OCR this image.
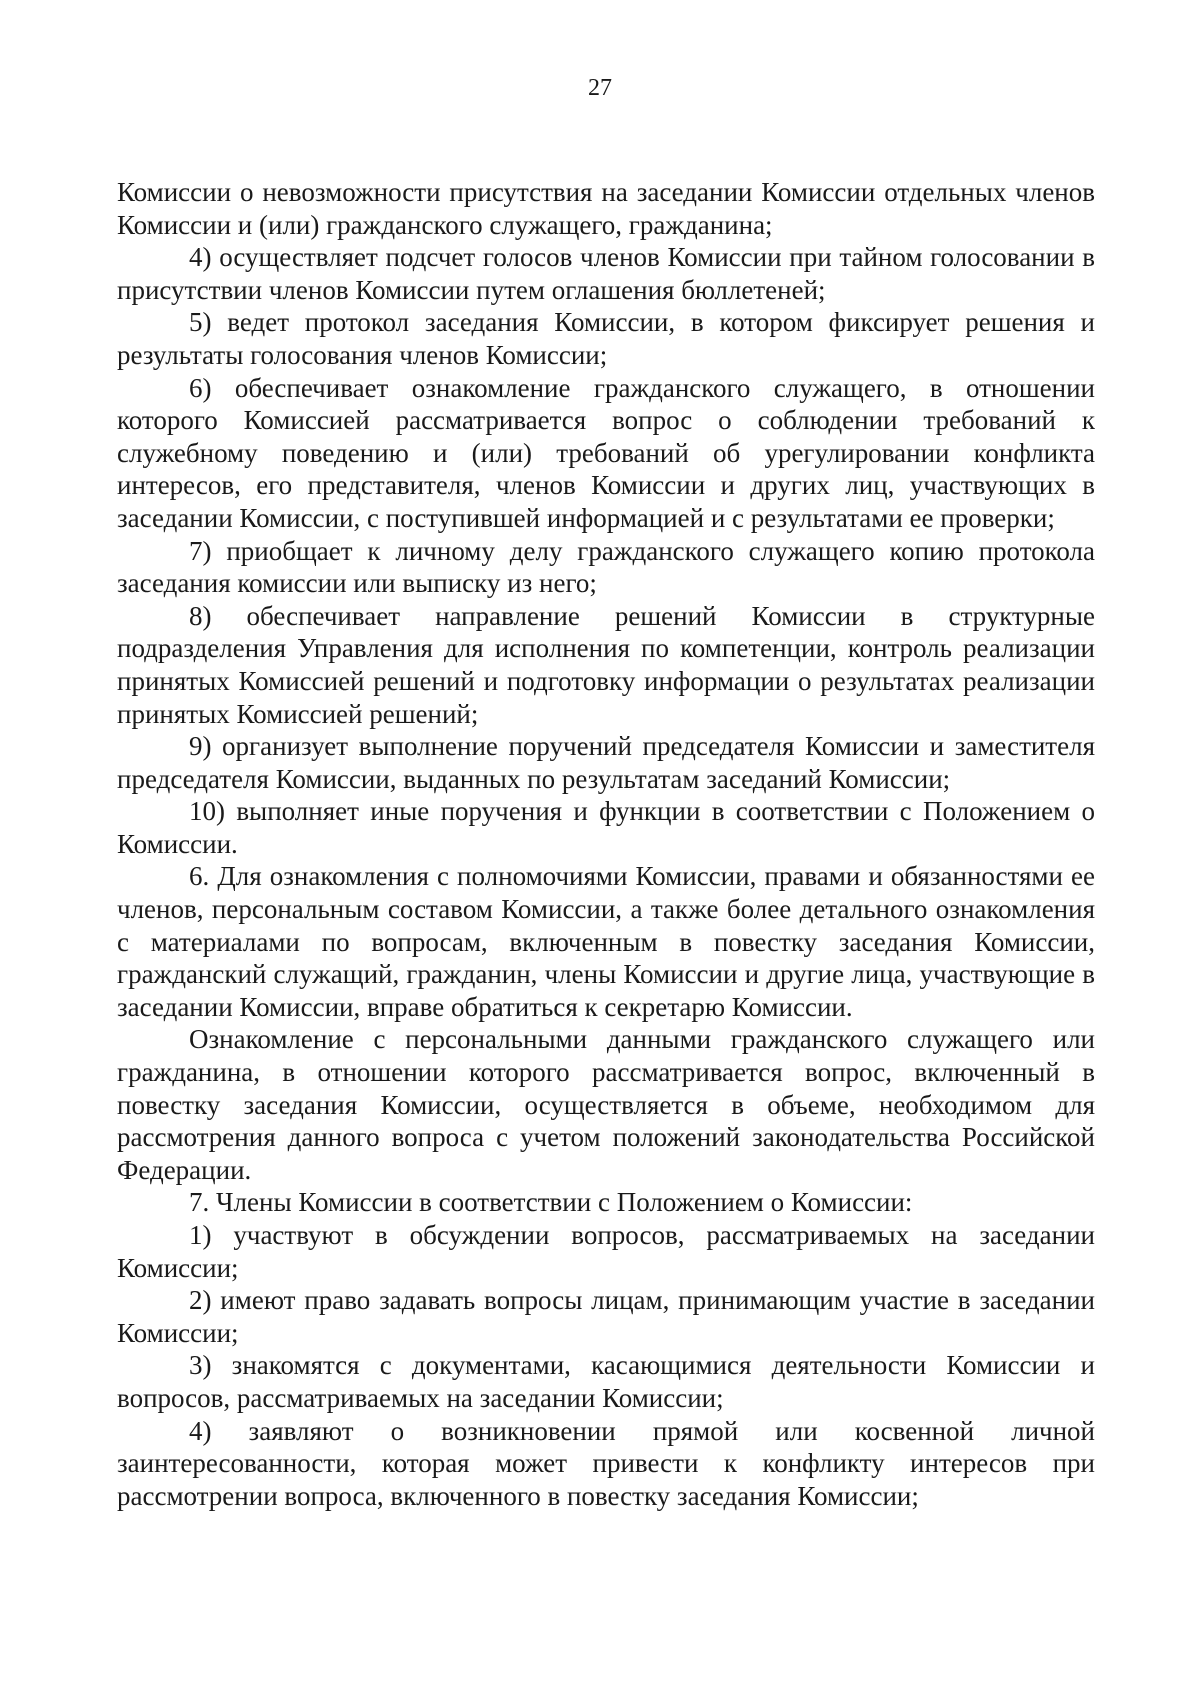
27

Комиссии о невозможности присутствия на заседании Комиссии отдельных членов Комиссии и (или) гражданского служащего, гражданина;

4) осуществляет подсчет голосов членов Комиссии при тайном голосовании в присутствии членов Комиссии путем оглашения бюллетеней;

5) ведет протокол заседания Комиссии, в котором фиксирует решения и результаты голосования членов Комиссии;

6) обеспечивает ознакомление гражданского служащего, в отношении которого Комиссией рассматривается вопрос о соблюдении требований к служебному поведению и (или) требований об урегулировании конфликта интересов, его представителя, членов Комиссии и других лиц, участвующих в заседании Комиссии, с поступившей информацией и с результатами ее проверки;

7) приобщает к личному делу гражданского служащего копию протокола заседания комиссии или выписку из него;

8) обеспечивает направление решений Комиссии в структурные подразделения Управления для исполнения по компетенции, контроль реализации принятых Комиссией решений и подготовку информации о результатах реализации принятых Комиссией решений;

9) организует выполнение поручений председателя Комиссии и заместителя председателя Комиссии, выданных по результатам заседаний Комиссии;

10) выполняет иные поручения и функции в соответствии с Положением о Комиссии.

6. Для ознакомления с полномочиями Комиссии, правами и обязанностями ее членов, персональным составом Комиссии, а также более детального ознакомления с материалами по вопросам, включенным в повестку заседания Комиссии, гражданский служащий, гражданин, члены Комиссии и другие лица, участвующие в заседании Комиссии, вправе обратиться к секретарю Комиссии.

Ознакомление с персональными данными гражданского служащего или гражданина, в отношении которого рассматривается вопрос, включенный в повестку заседания Комиссии, осуществляется в объеме, необходимом для рассмотрения данного вопроса с учетом положений законодательства Российской Федерации.

7. Члены Комиссии в соответствии с Положением о Комиссии:

1) участвуют в обсуждении вопросов, рассматриваемых на заседании Комиссии;

2) имеют право задавать вопросы лицам, принимающим участие в заседании Комиссии;

3) знакомятся с документами, касающимися деятельности Комиссии и вопросов, рассматриваемых на заседании Комиссии;

4) заявляют о возникновении прямой или косвенной личной заинтересованности, которая может привести к конфликту интересов при рассмотрении вопроса, включенного в повестку заседания Комиссии;
